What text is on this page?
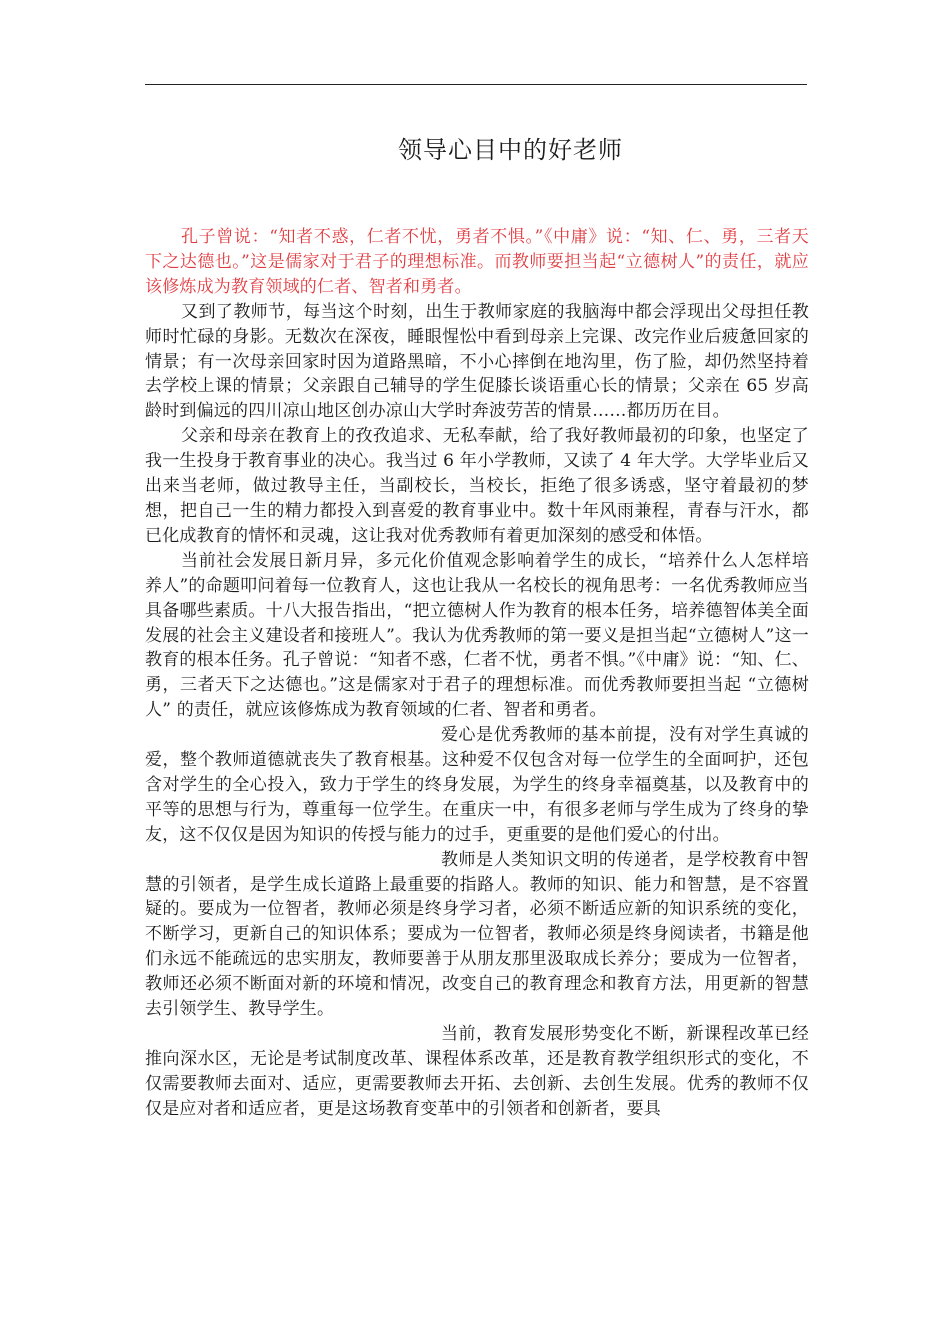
领导心目中的好老师

孔子曾说：“知者不惑，仁者不忧，勇者不惧。”《中庸》说：“知、仁、勇，三者天下之达德也。”这是儒家对于君子的理想标准。而教师要担当起“立德树人”的责任，就应该修炼成为教育领域的仁者、智者和勇者。

又到了教师节，每当这个时刻，出生于教师家庭的我脑海中都会浮现出父母担任教师时忙碌的身影。无数次在深夜，睡眼惺忪中看到母亲上完课、改完作业后疲惫回家的情景；有一次母亲回家时因为道路黑暗，不小心摔倒在地沟里，伤了脸，却仍然坚持着去学校上课的情景；父亲跟自己辅导的学生促膝长谈语重心长的情景；父亲在 65 岁高龄时到偏远的四川凉山地区创办凉山大学时奔波劳苦的情景……都历历在目。

父亲和母亲在教育上的孜孜追求、无私奉献，给了我好教师最初的印象，也坚定了我一生投身于教育事业的决心。我当过 6 年小学教师，又读了 4 年大学。大学毕业后又出来当老师，做过教导主任，当副校长，当校长，拒绝了很多诱惑，坚守着最初的梦想，把自己一生的精力都投入到喜爱的教育事业中。数十年风雨兼程，青春与汗水，都已化成教育的情怀和灵魂，这让我对优秀教师有着更加深刻的感受和体悟。

当前社会发展日新月异，多元化价值观念影响着学生的成长，“培养什么人怎样培养人”的命题叩问着每一位教育人，这也让我从一名校长的视角思考：一名优秀教师应当具备哪些素质。十八大报告指出，“把立德树人作为教育的根本任务，培养德智体美全面发展的社会主义建设者和接班人”。我认为优秀教师的第一要义是担当起“立德树人”这一教育的根本任务。孔子曾说：“知者不惑，仁者不忧，勇者不惧。”《中庸》说：“知、仁、勇，三者天下之达德也。”这是儒家对于君子的理想标准。而优秀教师要担当起 “立德树人” 的责任，就应该修炼成为教育领域的仁者、智者和勇者。

爱心是优秀教师的基本前提，没有对学生真诚的爱，整个教师道德就丧失了教育根基。这种爱不仅包含对每一位学生的全面呵护，还包含对学生的全心投入，致力于学生的终身发展，为学生的终身幸福奠基，以及教育中的平等的思想与行为，尊重每一位学生。在重庆一中，有很多老师与学生成为了终身的挚友，这不仅仅是因为知识的传授与能力的过手，更重要的是他们爱心的付出。

教师是人类知识文明的传递者，是学校教育中智慧的引领者，是学生成长道路上最重要的指路人。教师的知识、能力和智慧，是不容置疑的。要成为一位智者，教师必须是终身学习者，必须不断适应新的知识系统的变化，不断学习，更新自己的知识体系；要成为一位智者，教师必须是终身阅读者，书籍是他们永远不能疏远的忠实朋友，教师要善于从朋友那里汲取成长养分；要成为一位智者，教师还必须不断面对新的环境和情况，改变自己的教育理念和教育方法，用更新的智慧去引领学生、教导学生。

当前，教育发展形势变化不断，新课程改革已经推向深水区，无论是考试制度改革、课程体系改革，还是教育教学组织形式的变化，不仅需要教师去面对、适应，更需要教师去开拓、去创新、去创生发展。优秀的教师不仅仅是应对者和适应者，更是这场教育变革中的引领者和创新者，要具
